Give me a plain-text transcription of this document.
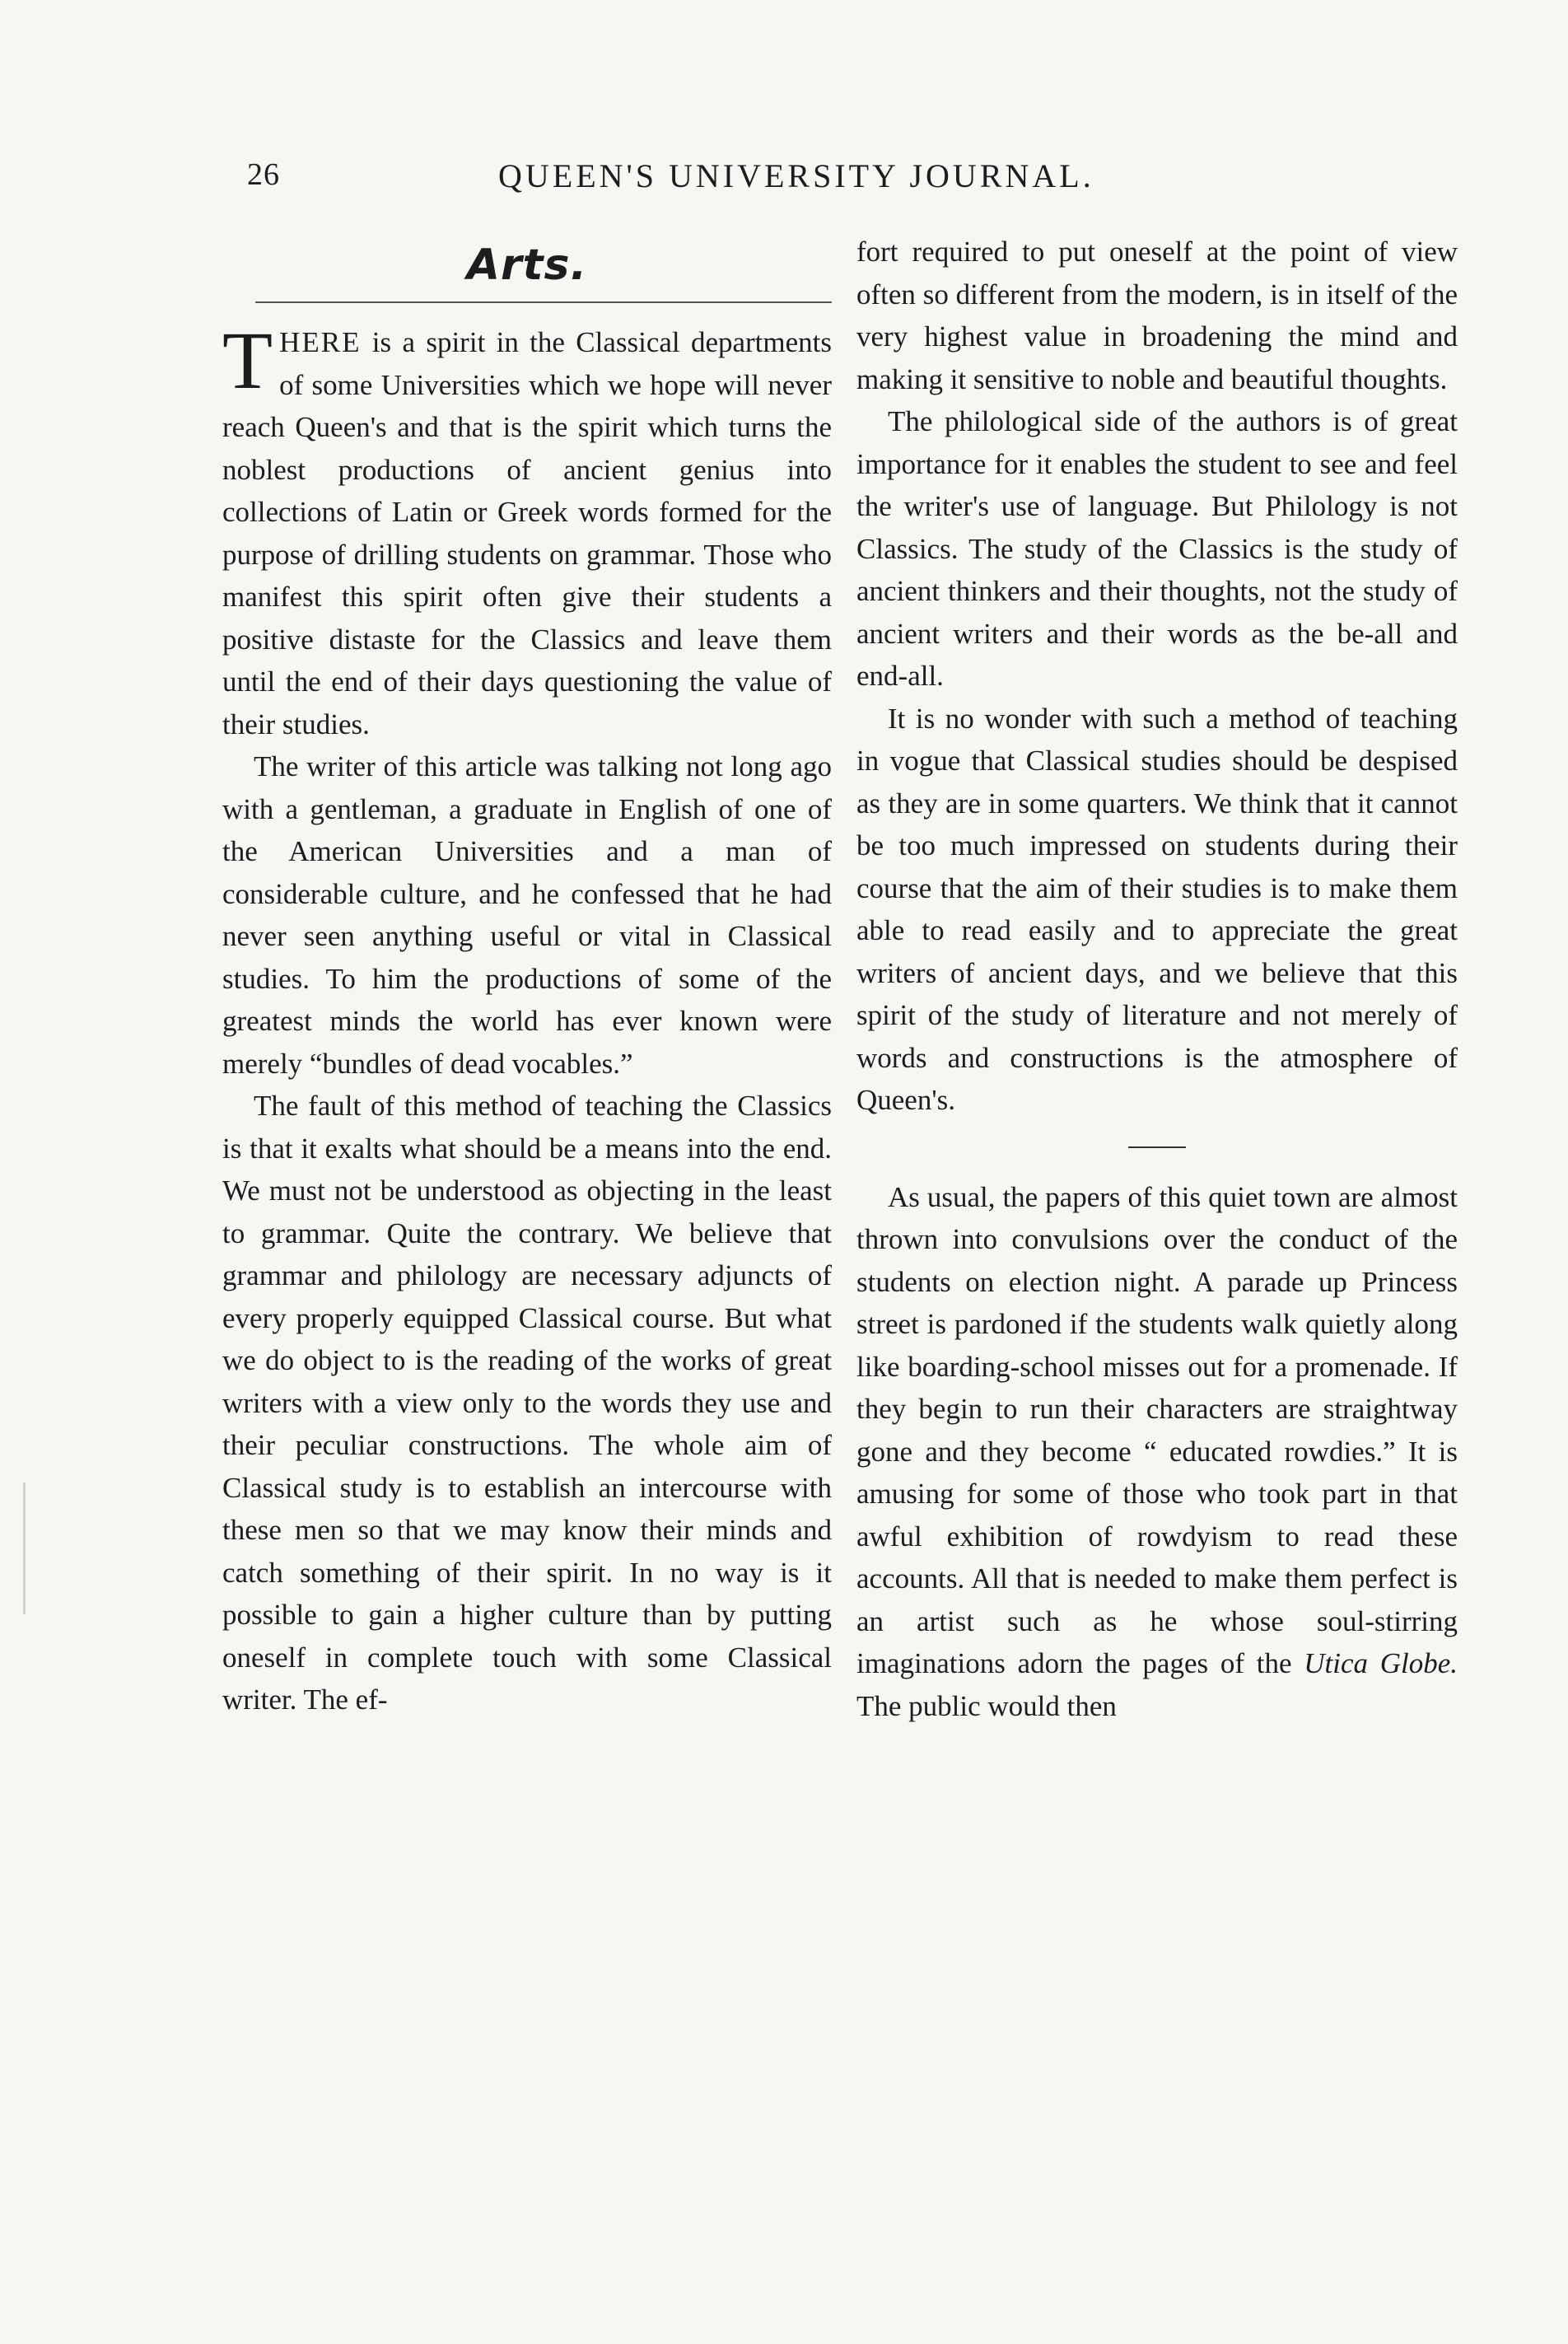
26	QUEEN'S UNIVERSITY JOURNAL.
Arts.

THERE is a spirit in the Classical departments of some Universities which we hope will never reach Queen's and that is the spirit which turns the noblest productions of ancient genius into collections of Latin or Greek words formed for the purpose of drilling students on grammar. Those who manifest this spirit often give their students a positive distaste for the Classics and leave them until the end of their days questioning the value of their studies.

The writer of this article was talking not long ago with a gentleman, a graduate in English of one of the American Universities and a man of considerable culture, and he confessed that he had never seen anything useful or vital in Classical studies. To him the productions of some of the greatest minds the world has ever known were merely “bundles of dead vocables.”

The fault of this method of teaching the Classics is that it exalts what should be a means into the end. We must not be understood as objecting in the least to grammar. Quite the contrary. We believe that grammar and philology are necessary adjuncts of every properly equipped Classical course. But what we do object to is the reading of the works of great writers with a view only to the words they use and their peculiar constructions. The whole aim of Classical study is to establish an intercourse with these men so that we may know their minds and catch something of their spirit. In no way is it possible to gain a higher culture than by putting oneself in complete touch with some Classical writer. The ef-

fort required to put oneself at the point of view often so different from the modern, is in itself of the very highest value in broadening the mind and making it sensitive to noble and beautiful thoughts.

The philological side of the authors is of great importance for it enables the student to see and feel the writer's use of language. But Philology is not Classics. The study of the Classics is the study of ancient thinkers and their thoughts, not the study of ancient writers and their words as the be-all and end-all.

It is no wonder with such a method of teaching in vogue that Classical studies should be despised as they are in some quarters. We think that it cannot be too much impressed on students during their course that the aim of their studies is to make them able to read easily and to appreciate the great writers of ancient days, and we believe that this spirit of the study of literature and not merely of words and constructions is the atmosphere of Queen's.

As usual, the papers of this quiet town are almost thrown into convulsions over the conduct of the students on election night. A parade up Princess street is pardoned if the students walk quietly along like boarding-school misses out for a promenade. If they begin to run their characters are straightway gone and they become “ educated rowdies.” It is amusing for some of those who took part in that awful exhibition of rowdyism to read these accounts. All that is needed to make them perfect is an artist such as he whose soul-stirring imaginations adorn the pages of the Utica Globe. The public would then
